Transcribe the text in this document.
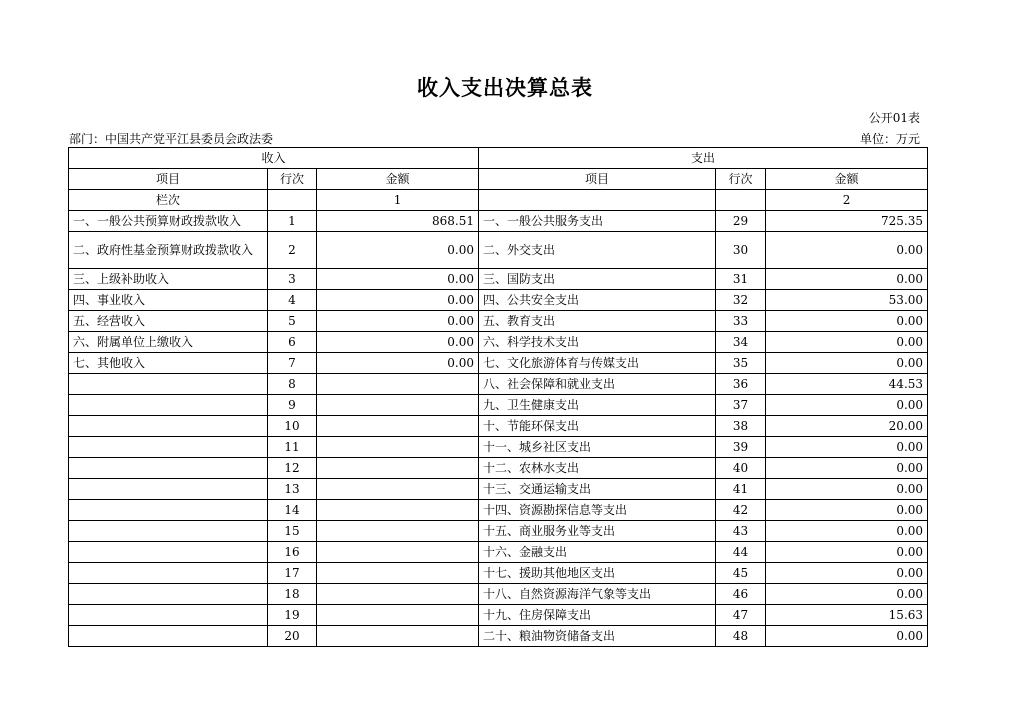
收入支出决算总表
公开01表
部门：中国共产党平江县委员会政法委	单位：万元
收入			支出		
项目	行次	金额	项目	行次	金额
栏次		1			2
一、一般公共预算财政拨款收入	1	868.51	一、一般公共服务支出	29	725.35
二、政府性基金预算财政拨款收入	2	0.00	二、外交支出	30	0.00
三、上级补助收入	3	0.00	三、国防支出	31	0.00
四、事业收入	4	0.00	四、公共安全支出	32	53.00
五、经营收入	5	0.00	五、教育支出	33	0.00
六、附属单位上缴收入	6	0.00	六、科学技术支出	34	0.00
七、其他收入	7	0.00	七、文化旅游体育与传媒支出	35	0.00
	8		八、社会保障和就业支出	36	44.53
	9		九、卫生健康支出	37	0.00
	10		十、节能环保支出	38	20.00
	11		十一、城乡社区支出	39	0.00
	12		十二、农林水支出	40	0.00
	13		十三、交通运输支出	41	0.00
	14		十四、资源勘探信息等支出	42	0.00
	15		十五、商业服务业等支出	43	0.00
	16		十六、金融支出	44	0.00
	17		十七、援助其他地区支出	45	0.00
	18		十八、自然资源海洋气象等支出	46	0.00
	19		十九、住房保障支出	47	15.63
	20		二十、粮油物资储备支出	48	0.00
